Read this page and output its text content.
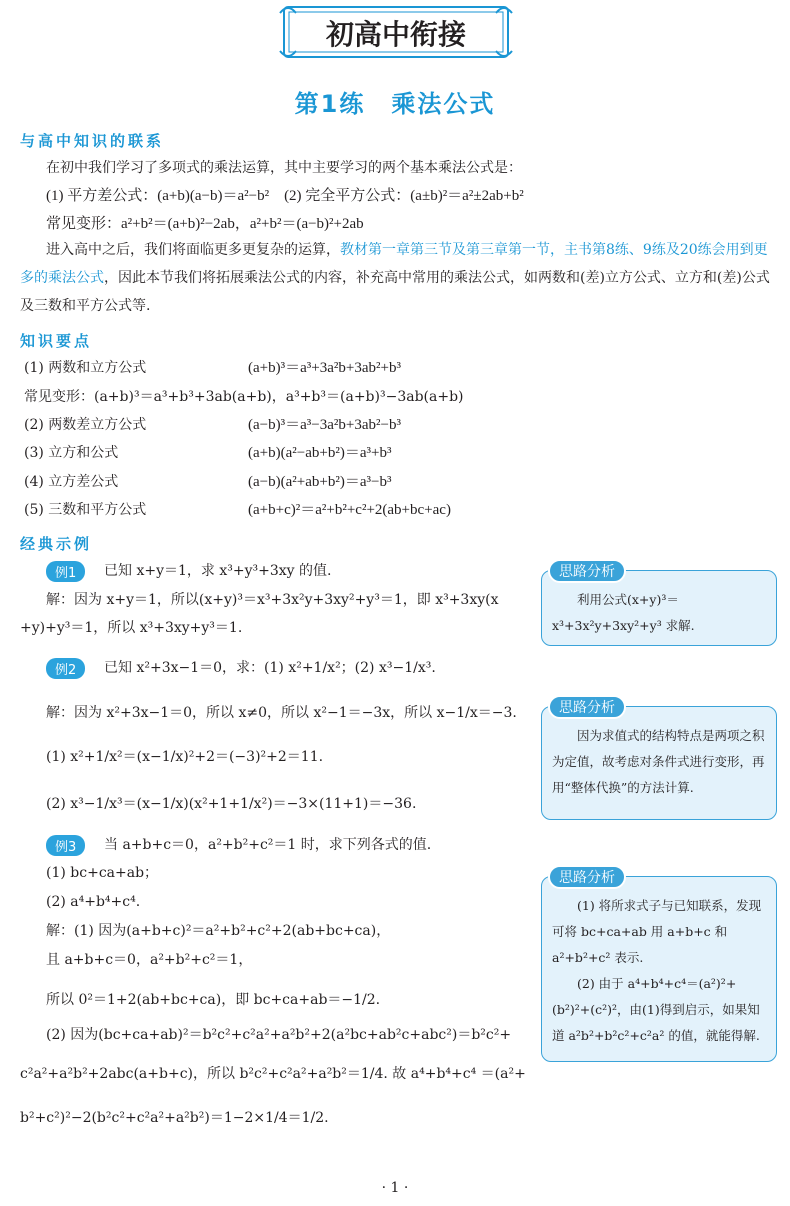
初高中衔接
第1练　乘法公式
与高中知识的联系
在初中我们学习了多项式的乘法运算，其中主要学习的两个基本乘法公式是：
(1) 平方差公式：(a+b)(a−b)＝a²−b²　(2) 完全平方公式：(a±b)²＝a²±2ab+b²
常见变形：a²+b²＝(a+b)²−2ab，a²+b²＝(a−b)²+2ab
进入高中之后，我们将面临更多更复杂的运算，教材第一章第三节及第三章第一节，主书第8练、9练及20练会用到更多的乘法公式，因此本节我们将拓展乘法公式的内容，补充高中常用的乘法公式，如两数和(差)立方公式、立方和(差)公式及三数和平方公式等.
知识要点
(1) 两数和立方公式	(a+b)³＝a³+3a²b+3ab²+b³
常见变形：(a+b)³＝a³+b³+3ab(a+b)，a³+b³＝(a+b)³−3ab(a+b)
(2) 两数差立方公式	(a−b)³＝a³−3a²b+3ab²−b³
(3) 立方和公式	(a+b)(a²−ab+b²)＝a³+b³
(4) 立方差公式	(a−b)(a²+ab+b²)＝a³−b³
(5) 三数和平方公式	(a+b+c)²＝a²+b²+c²+2(ab+bc+ac)
经典示例
例1	已知 x+y＝1，求 x³+y³+3xy 的值.
解：因为 x+y＝1，所以(x+y)³＝x³+3x²y+3xy²+y³＝1，即 x³+3xy(x
+y)+y³＝1，所以 x³+3xy+y³＝1.
例2	已知 x²+3x−1＝0，求：(1) x²+1/x²；(2) x³−1/x³.
解：因为 x²+3x−1＝0，所以 x≠0，所以 x²−1＝−3x，所以 x−1/x＝−3.
(1) x²+1/x²＝(x−1/x)²+2＝(−3)²+2＝11.
(2) x³−1/x³＝(x−1/x)(x²+1+1/x²)＝−3×(11+1)＝−36.
例3	当 a+b+c＝0，a²+b²+c²＝1 时，求下列各式的值.
(1) bc+ca+ab；
(2) a⁴+b⁴+c⁴.
解：(1) 因为(a+b+c)²＝a²+b²+c²+2(ab+bc+ca)，
且 a+b+c＝0，a²+b²+c²＝1，
所以 0²＝1+2(ab+bc+ca)，即 bc+ca+ab＝−1/2.
(2) 因为(bc+ca+ab)²＝b²c²+c²a²+a²b²+2(a²bc+ab²c+abc²)＝b²c²+
c²a²+a²b²+2abc(a+b+c)，所以 b²c²+c²a²+a²b²＝1/4. 故 a⁴+b⁴+c⁴ ＝(a²+
b²+c²)²−2(b²c²+c²a²+a²b²)＝1−2×1/4＝1/2.
思路分析
　　利用公式(x+y)³＝x³+3x²y+3xy²+y³ 求解.
思路分析
　　因为求值式的结构特点是两项之积为定值，故考虑对条件式进行变形，再用“整体代换”的方法计算.
思路分析
　　(1) 将所求式子与已知联系，发现可将 bc+ca+ab 用 a+b+c 和 a²+b²+c² 表示.
　　(2) 由于 a⁴+b⁴+c⁴＝(a²)²+(b²)²+(c²)²，由(1)得到启示，如果知道 a²b²+b²c²+c²a² 的值，就能得解.
· 1 ·
